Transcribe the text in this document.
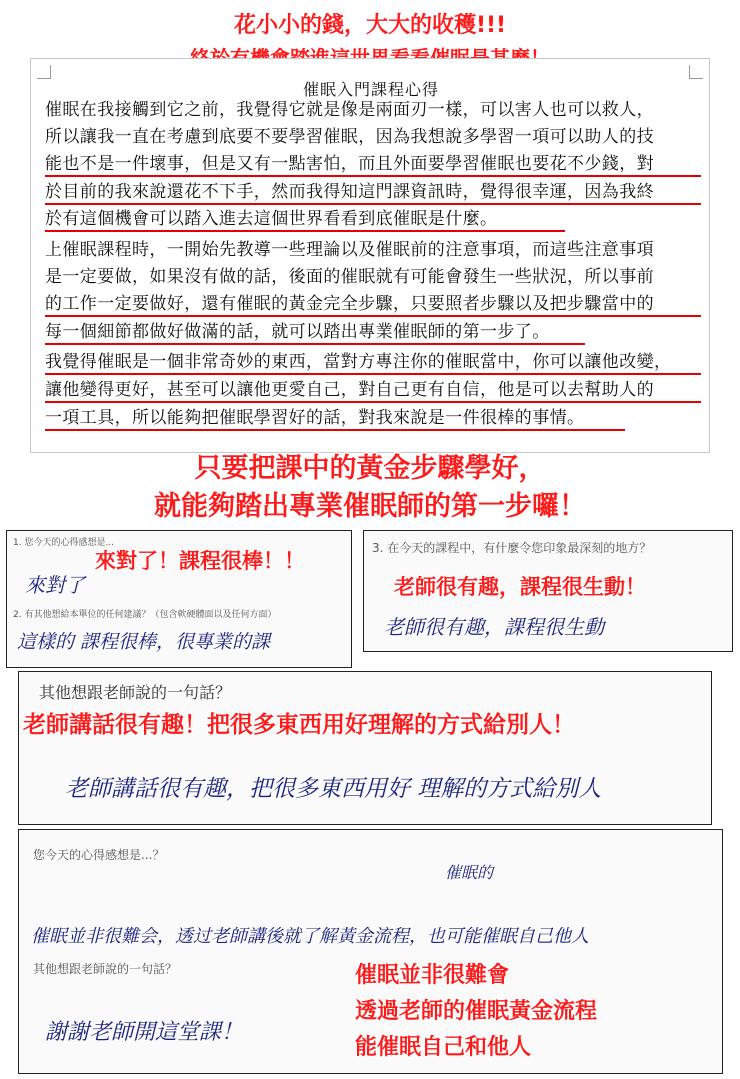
花小小的錢，大大的收穫!!!
催眠入門課程心得
催眠在我接觸到它之前，我覺得它就是像是兩面刃一樣，可以害人也可以救人，
所以讓我一直在考慮到底要不要學習催眠，因為我想說多學習一項可以助人的技
能也不是一件壞事，但是又有一點害怕，而且外面要學習催眠也要花不少錢，對
於目前的我來說還花不下手，然而我得知這門課資訊時，覺得很幸運，因為我終
於有這個機會可以踏入進去這個世界看看到底催眠是什麼。
上催眠課程時，一開始先教導一些理論以及催眠前的注意事項，而這些注意事項
是一定要做，如果沒有做的話，後面的催眠就有可能會發生一些狀況，所以事前
的工作一定要做好，還有催眠的黃金完全步驟，只要照者步驟以及把步驟當中的
每一個細節都做好做滿的話，就可以踏出專業催眠師的第一步了。
我覺得催眠是一個非常奇妙的東西，當對方專注你的催眠當中，你可以讓他改變，
讓他變得更好，甚至可以讓他更愛自己，對自己更有自信，他是可以去幫助人的
一項工具，所以能夠把催眠學習好的話，對我來說是一件很棒的事情。
只要把課中的黃金步驟學好，
就能夠踏出專業催眠師的第一步囉！
1. 您今天的心得感想是...
來對了
來對了！課程很棒！！
2. 有其他想給本單位的任何建議？（包含軟硬體面以及任何方面）
這樣的 課程很棒，很專業的課
3. 在今天的課程中，有什麼令您印象最深刻的地方？
老師很有趣，課程很生動！
老師很有趣，課程很生動
其他想跟老師說的一句話？
老師講話很有趣！把很多東西用好理解的方式給別人！
老師講話很有趣，把很多東西用好 理解的方式給別人
您今天的心得感想是...？
催眠的
催眠並非很難会，透过老師講後就了解黃金流程，也可能催眠自己他人
其他想跟老師說的一句話？
謝謝老師開這堂課！
催眠並非很難會
透過老師的催眠黃金流程
能催眠自己和他人
